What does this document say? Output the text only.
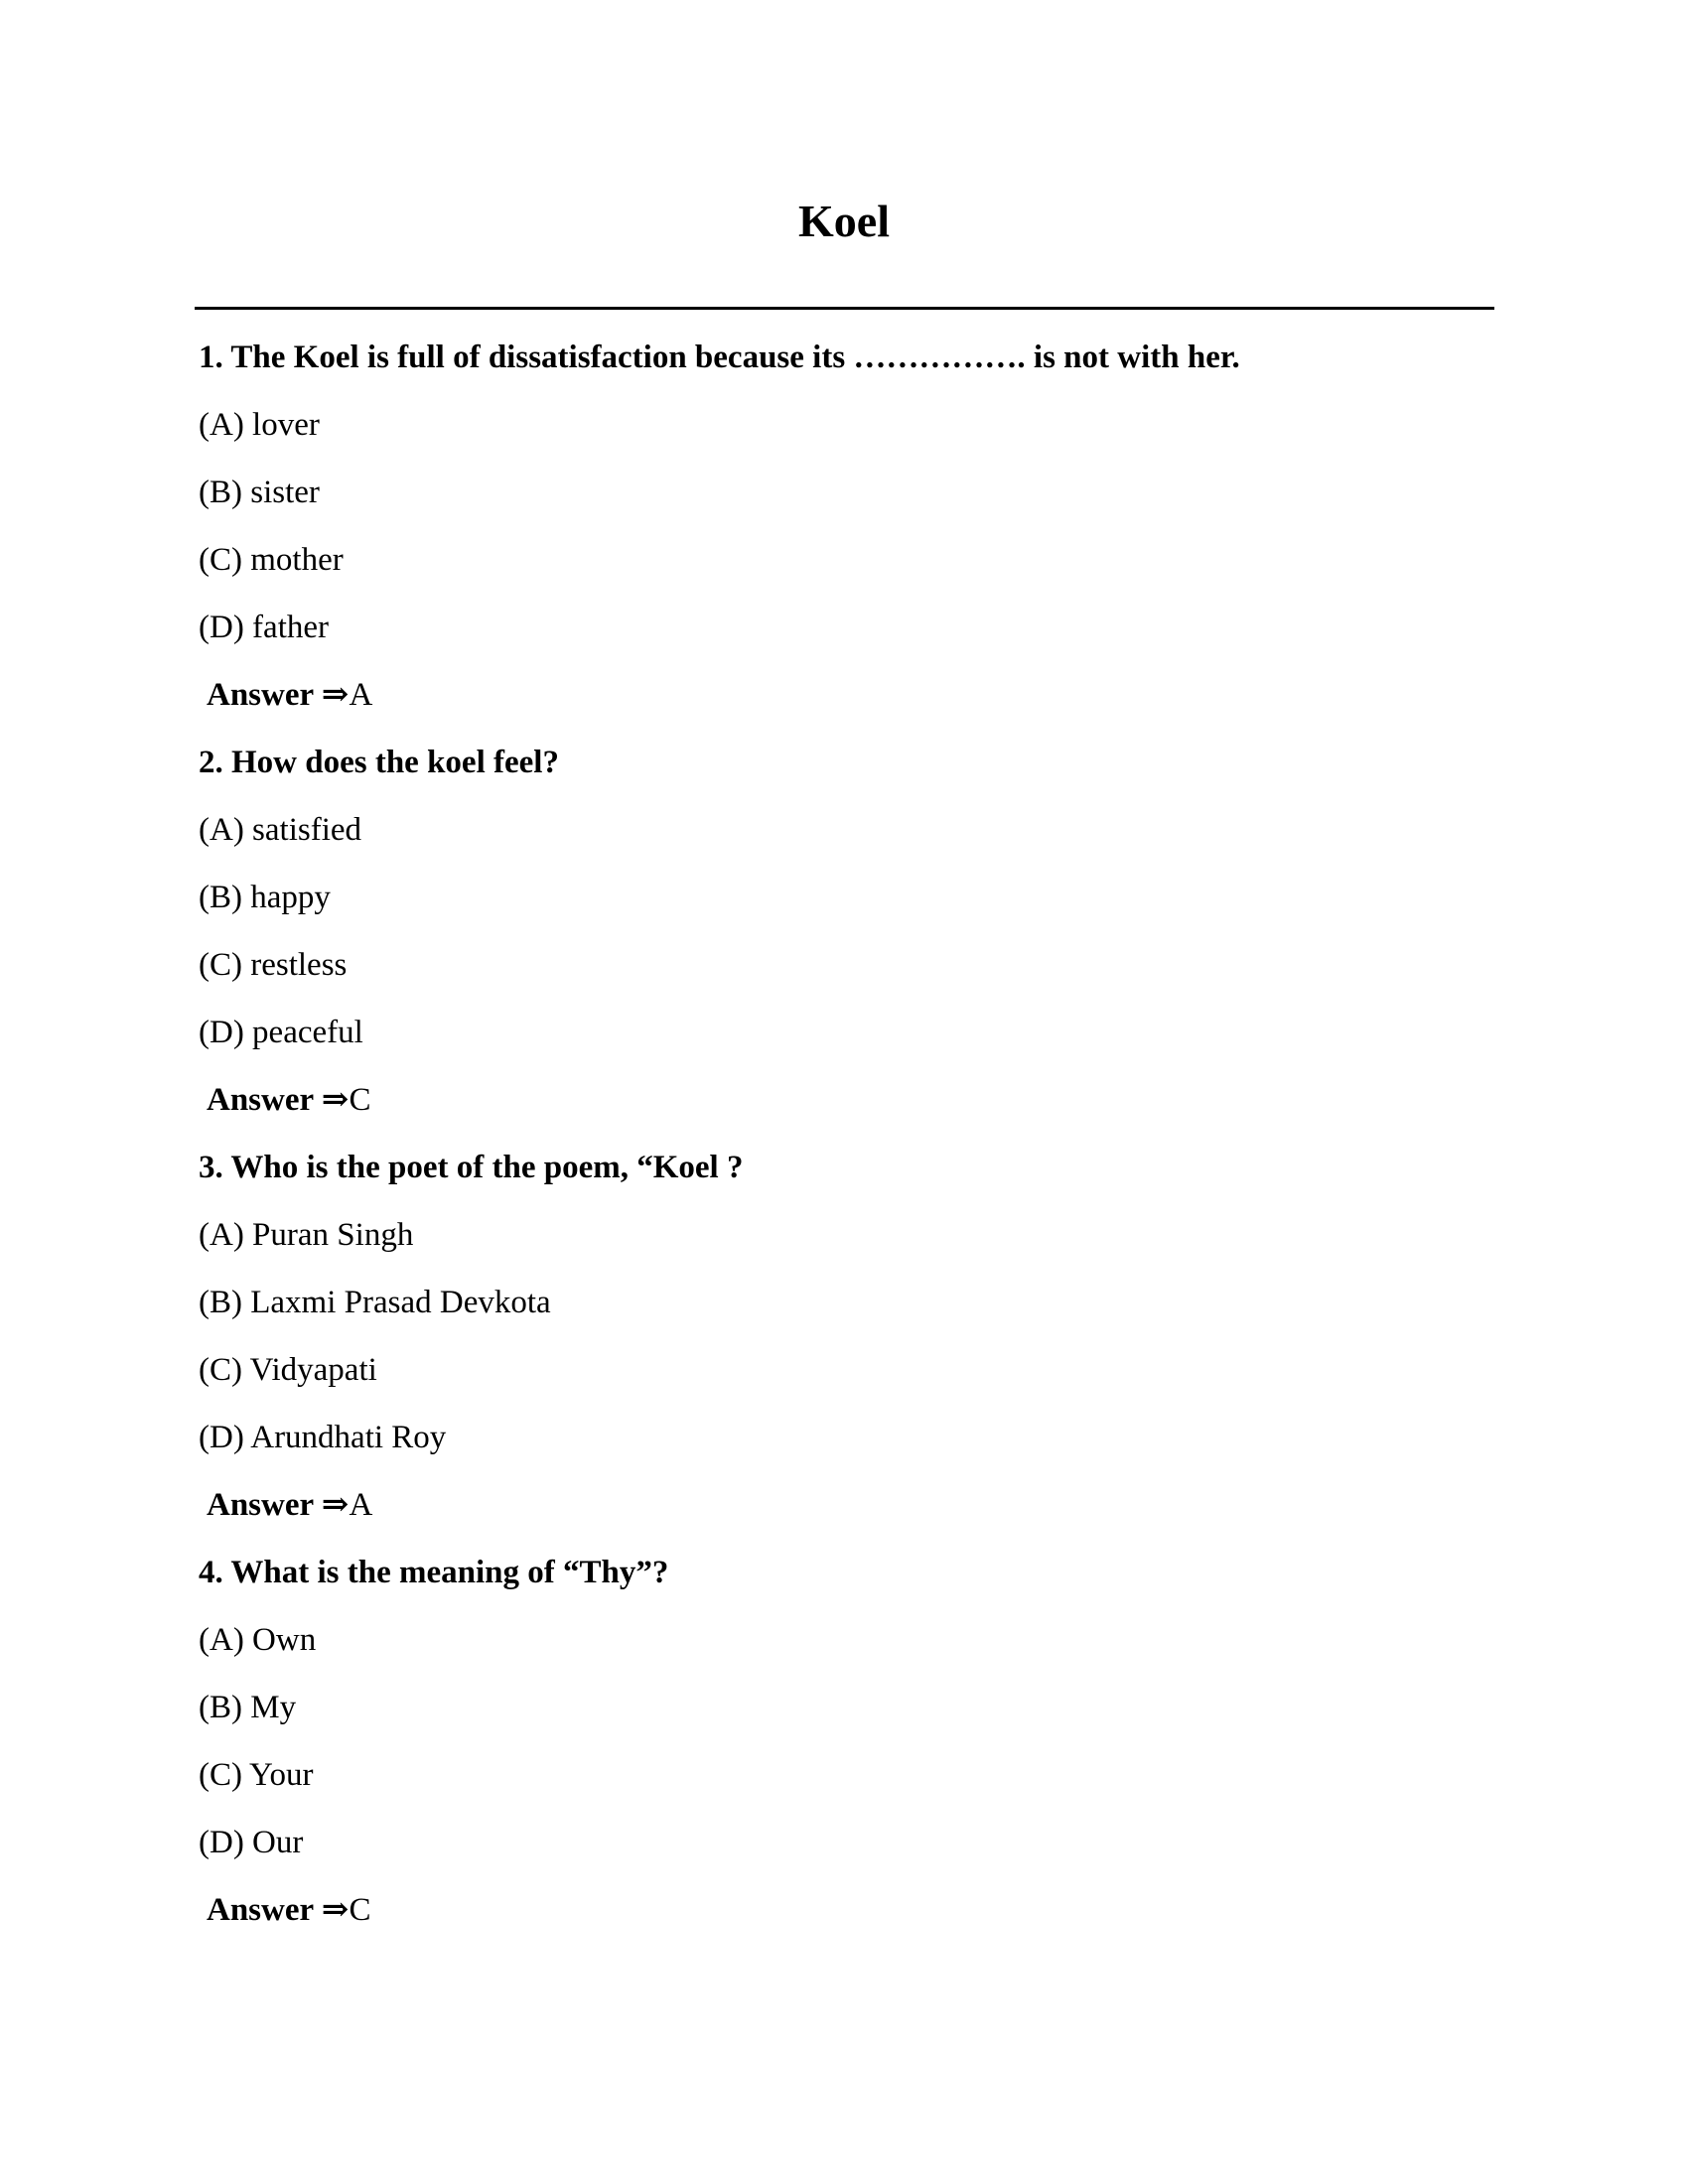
Koel
1. The Koel is full of dissatisfaction because its ……………. is not with her.
(A) lover
(B) sister
(C) mother
(D) father
Answer ⇒A
2. How does the koel feel?
(A) satisfied
(B) happy
(C) restless
(D) peaceful
Answer ⇒C
3. Who is the poet of the poem, “Koel ?
(A) Puran Singh
(B) Laxmi Prasad Devkota
(C) Vidyapati
(D) Arundhati Roy
Answer ⇒A
4. What is the meaning of “Thy”?
(A) Own
(B) My
(C) Your
(D) Our
Answer ⇒C
